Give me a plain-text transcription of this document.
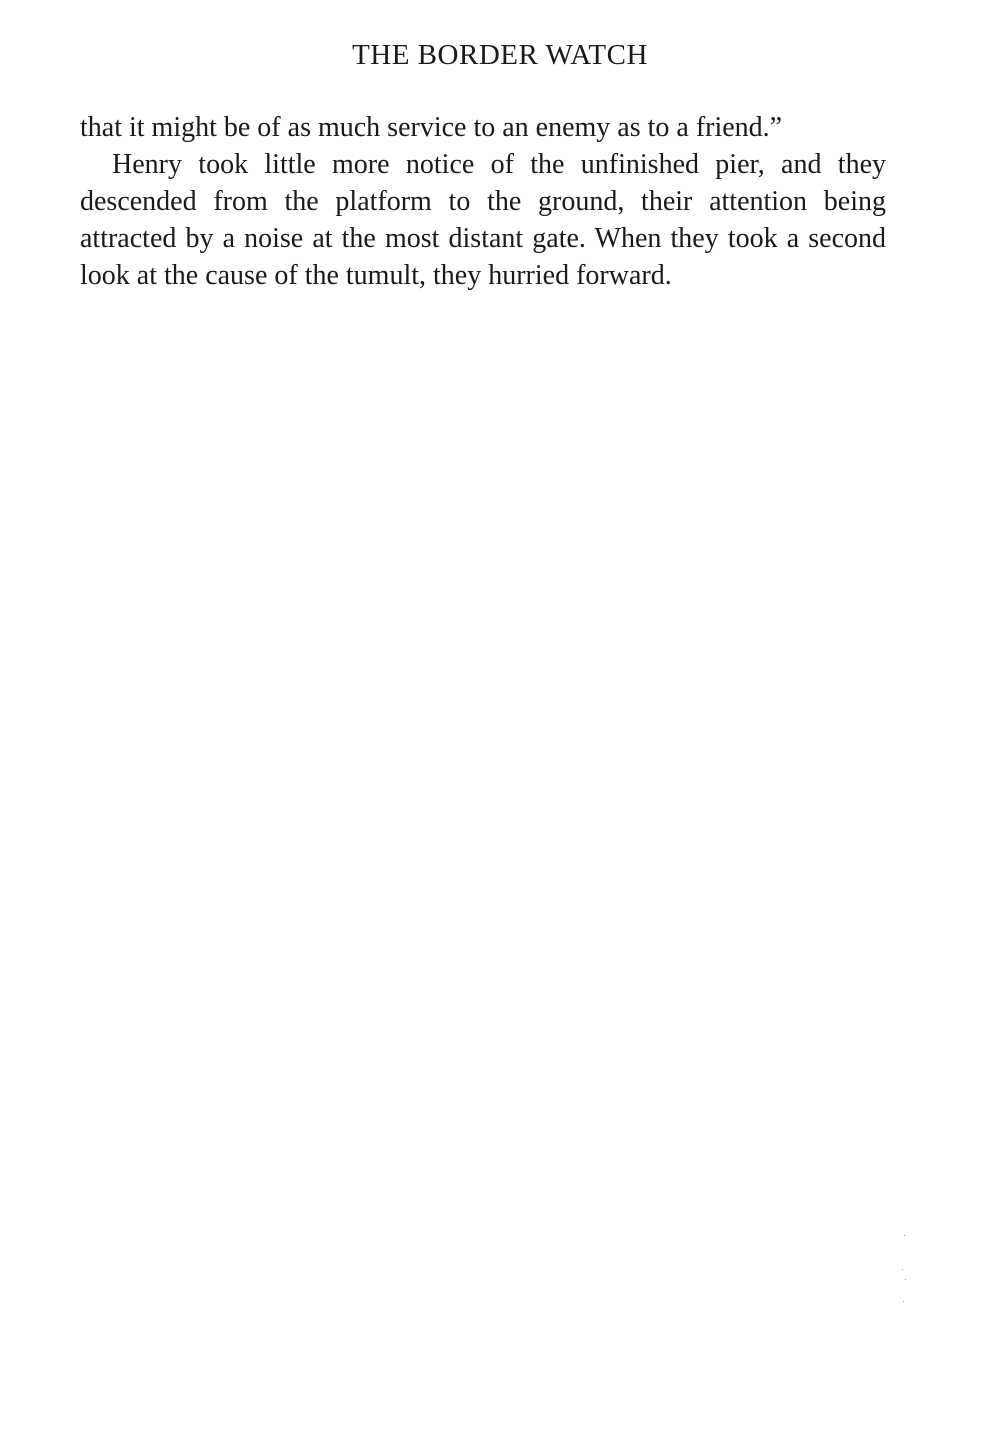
THE BORDER WATCH

that it might be of as much service to an enemy as to a friend.”

Henry took little more notice of the unfinished pier, and they descended from the platform to the ground, their attention being attracted by a noise at the most distant gate. When they took a second look at the cause of the tumult, they hurried forward.
